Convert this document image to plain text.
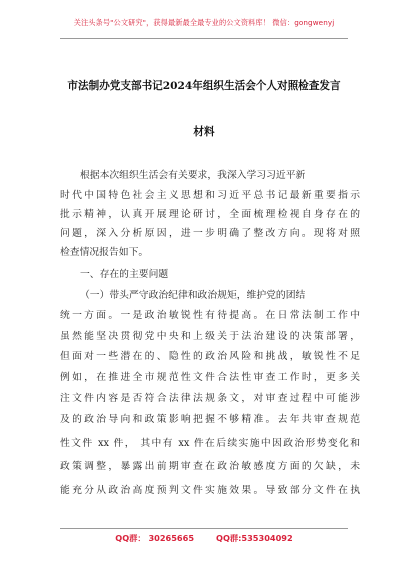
关注头条号"公文研究"，获得最新最全最专业的公文资料库！ 微信：gongwenyj
市法制办党支部书记2024年组织生活会个人对照检查发言
材料
根据本次组织生活会有关要求，我深入学习习近平新
时代中国特色社会主义思想和习近平总书记最新重要指示
批示精神，认真开展理论研讨，全面梳理检视自身存在的
问题，深入分析原因，进一步明确了整改方向。现将对照
检查情况报告如下。
一、存在的主要问题
（一）带头严守政治纪律和政治规矩，维护党的团结
统一方面。一是政治敏锐性有待提高。在日常法制工作中
虽然能坚决贯彻党中央和上级关于法治建设的决策部署，
但面对一些潜在的、隐性的政治风险和挑战，敏锐性不足
例如，在推进全市规范性文件合法性审查工作时，更多关
注文件内容是否符合法律法规条文，对审查过程中可能涉
及的政治导向和政策影响把握不够精准。去年共审查规范
性文件 xx 件， 其中有 xx 件在后续实施中因政治形势变化和
政策调整，暴露出前期审查在政治敏感度方面的欠缺，未
能充分从政治高度预判文件实施效果。导致部分文件在执
QQ群： 30265665	QQ群:535304092
